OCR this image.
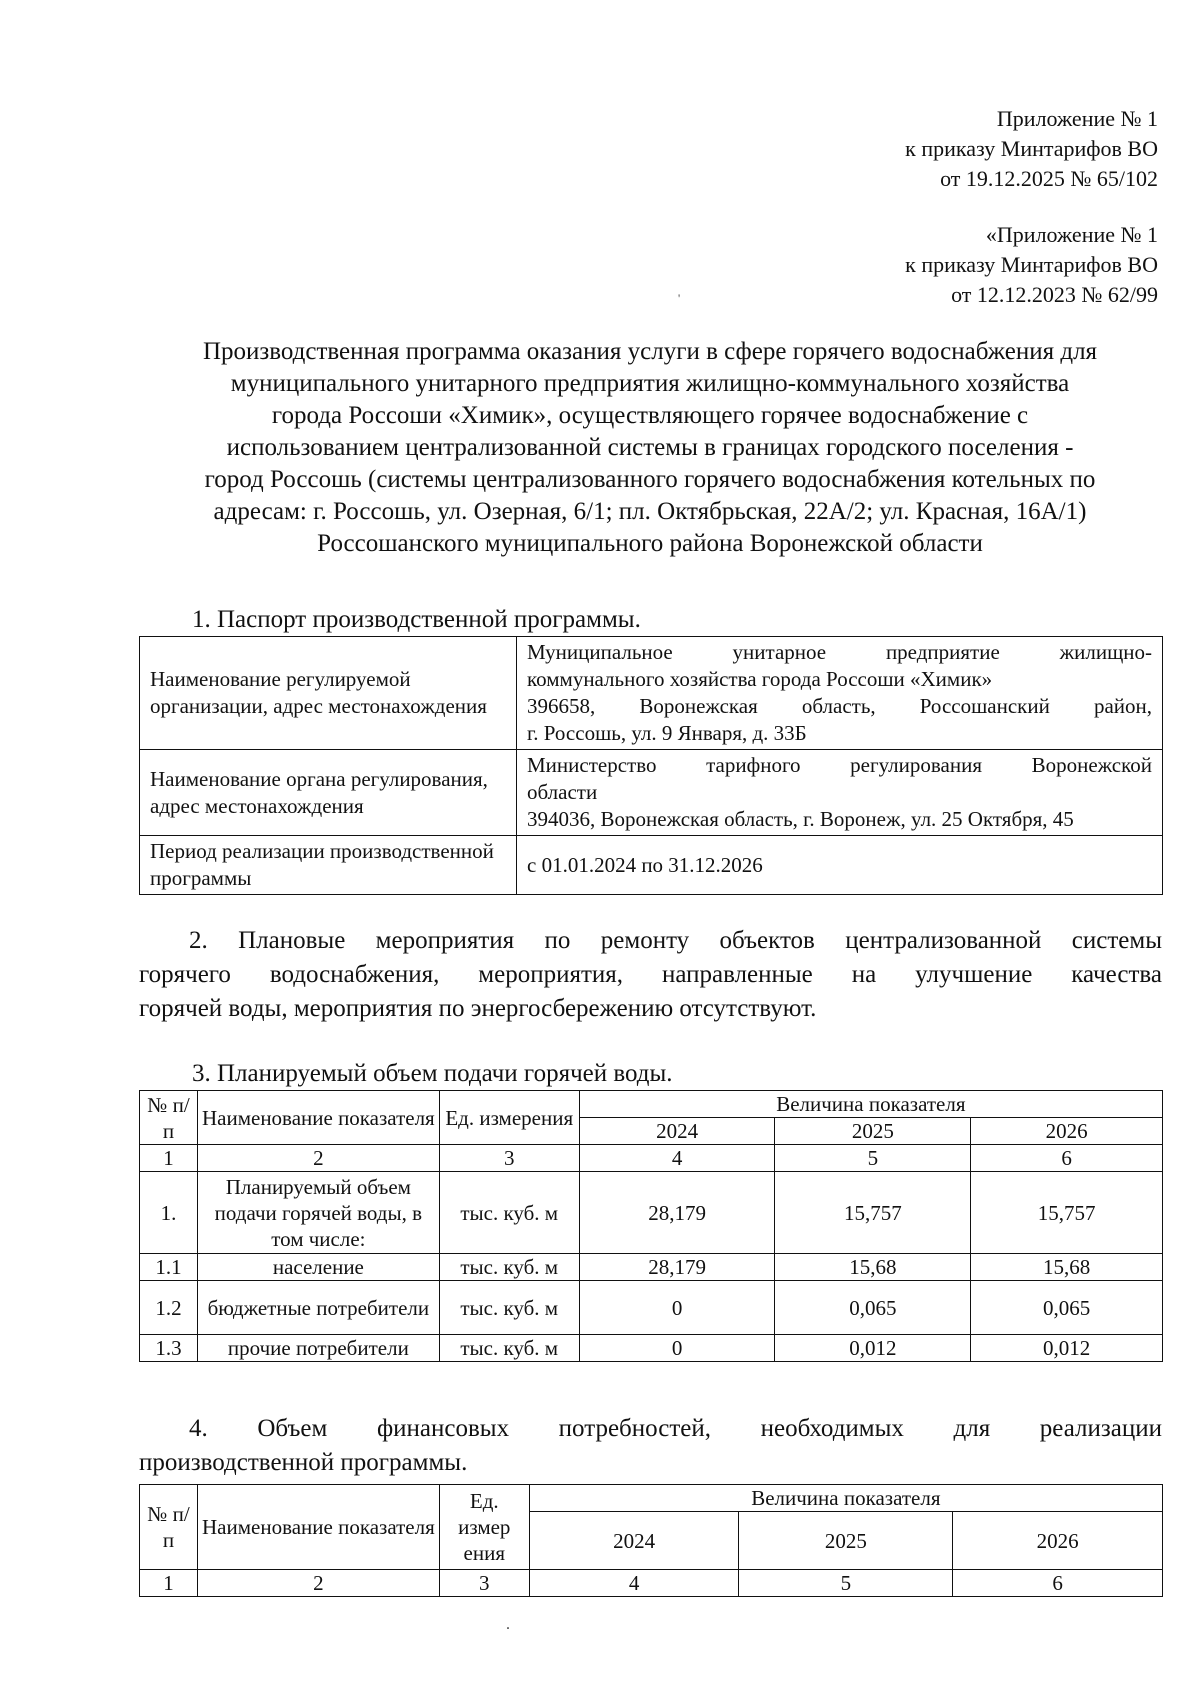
Приложение № 1
к приказу Минтарифов ВО
от 19.12.2025 № 65/102
«Приложение № 1
к приказу Минтарифов ВО
от 12.12.2023 № 62/99
'
Производственная программа оказания услуги в сфере горячего водоснабжения для
муниципального унитарного предприятия жилищно-коммунального хозяйства
города Россоши «Химик», осуществляющего горячее водоснабжение с
использованием централизованной системы в границах городского поселения -
город Россошь (системы централизованного горячего водоснабжения котельных по
адресам: г. Россошь, ул. Озерная, 6/1; пл. Октябрьская, 22А/2; ул. Красная, 16А/1)
Россошанского муниципального района Воронежской области
1. Паспорт производственной программы.
Наименование регулируемой организации, адрес местонахождения	Муниципальное унитарное предприятие жилищно-
коммунального хозяйства города Россоши «Химик»
396658, Воронежская область, Россошанский район,
г. Россошь, ул. 9 Января, д. 33Б

Наименование органа регулирования, адрес местонахождения	Министерство тарифного регулирования Воронежской
области
394036, Воронежская область, г. Воронеж, ул. 25 Октября, 45

Период реализации производственной программы	с 01.01.2024 по 31.12.2026
2. Плановые мероприятия по ремонту объектов централизованной системы
горячего водоснабжения, мероприятия, направленные на улучшение качества
горячей воды, мероприятия по энергосбережению отсутствуют.
3. Планируемый объем подачи горячей воды.
№ п/п	Наименование показателя	Ед. измерения	Величина показателя		
			2024	2025	2026
1	2	3	4	5	6
1.	Планируемый объем подачи горячей воды, в том числе:	тыс. куб. м	28,179	15,757	15,757
1.1	население	тыс. куб. м	28,179	15,68	15,68
1.2	бюджетные потребители	тыс. куб. м	0	0,065	0,065
1.3	прочие потребители	тыс. куб. м	0	0,012	0,012
4. Объем финансовых потребностей, необходимых для реализации
производственной программы.
№ п/п	Наименование показателя	Ед. измер ения	Величина показателя		
			2024	2025	2026
1	2	3	4	5	6
.
